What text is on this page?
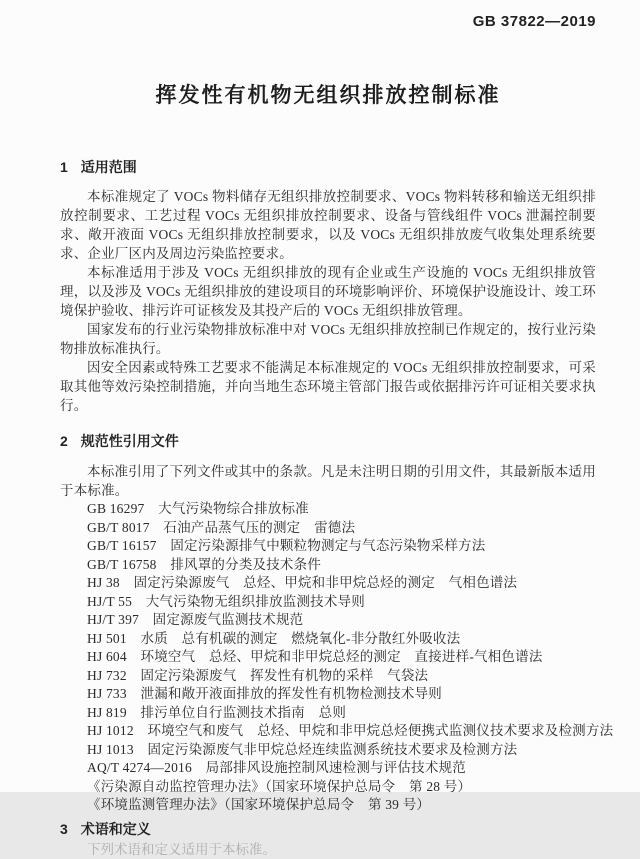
GB 37822—2019
挥发性有机物无组织排放控制标准
1 适用范围

本标准规定了 VOCs 物料储存无组织排放控制要求、VOCs 物料转移和输送无组织排放控制要求、工艺过程 VOCs 无组织排放控制要求、设备与管线组件 VOCs 泄漏控制要求、敞开液面 VOCs 无组织排放控制要求，以及 VOCs 无组织排放废气收集处理系统要求、企业厂区内及周边污染监控要求。

本标准适用于涉及 VOCs 无组织排放的现有企业或生产设施的 VOCs 无组织排放管理，以及涉及 VOCs 无组织排放的建设项目的环境影响评价、环境保护设施设计、竣工环境保护验收、排污许可证核发及其投产后的 VOCs 无组织排放管理。

国家发布的行业污染物排放标准中对 VOCs 无组织排放控制已作规定的，按行业污染物排放标准执行。

因安全因素或特殊工艺要求不能满足本标准规定的 VOCs 无组织排放控制要求，可采取其他等效污染控制措施，并向当地生态环境主管部门报告或依据排污许可证相关要求执行。

2 规范性引用文件

本标准引用了下列文件或其中的条款。凡是未注明日期的引用文件，其最新版本适用于本标准。

GB 16297　大气污染物综合排放标准
GB/T 8017　石油产品蒸气压的测定　雷德法
GB/T 16157　固定污染源排气中颗粒物测定与气态污染物采样方法
GB/T 16758　排风罩的分类及技术条件
HJ 38　固定污染源废气　总烃、甲烷和非甲烷总烃的测定　气相色谱法
HJ/T 55　大气污染物无组织排放监测技术导则
HJ/T 397　固定源废气监测技术规范
HJ 501　水质　总有机碳的测定　燃烧氧化-非分散红外吸收法
HJ 604　环境空气　总烃、甲烷和非甲烷总烃的测定　直接进样-气相色谱法
HJ 732　固定污染源废气　挥发性有机物的采样　气袋法
HJ 733　泄漏和敞开液面排放的挥发性有机物检测技术导则
HJ 819　排污单位自行监测技术指南　总则
HJ 1012　环境空气和废气　总烃、甲烷和非甲烷总烃便携式监测仪技术要求及检测方法
HJ 1013　固定污染源废气非甲烷总烃连续监测系统技术要求及检测方法
AQ/T 4274—2016　局部排风设施控制风速检测与评估技术规范
《污染源自动监控管理办法》（国家环境保护总局令　第 28 号）
《环境监测管理办法》（国家环境保护总局令　第 39 号）
3 术语和定义

下列术语和定义适用于本标准。
